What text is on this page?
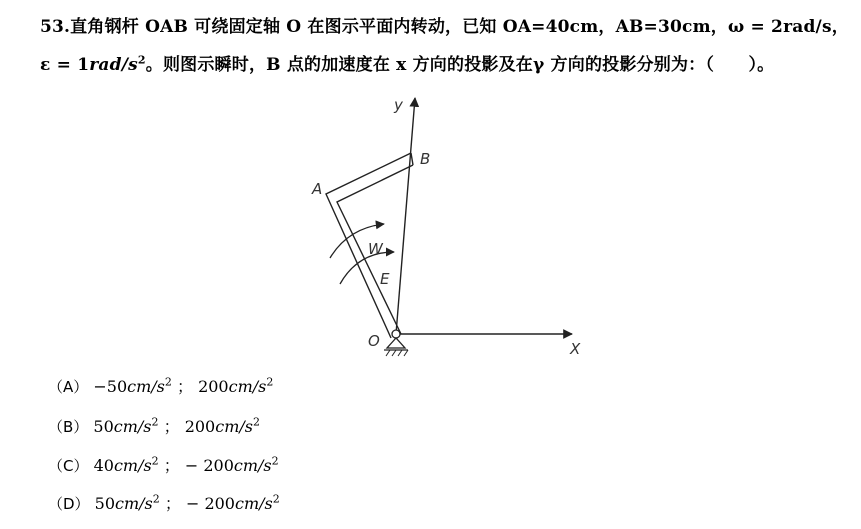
53.直角钢杆 OAB 可绕固定轴 O 在图示平面内转动，已知 OA=40cm，AB=30cm，ω = 2rad/s，
$\varepsilon = 1rad/s^2$。则图示瞬时，B 点的加速度在 x 方向的投影及在γ 方向的投影分别为：（　　）。
y
X
B
A
W
E
O
$(A) -50cm/s^2$ ； $200cm/s^2$
（B） $50cm/s^2$ ； $200cm/s^2$
（C） $40cm/s^2$ ； − $200cm/s^2$
（D） $50cm/s^2$ ； − $200cm/s^2$
